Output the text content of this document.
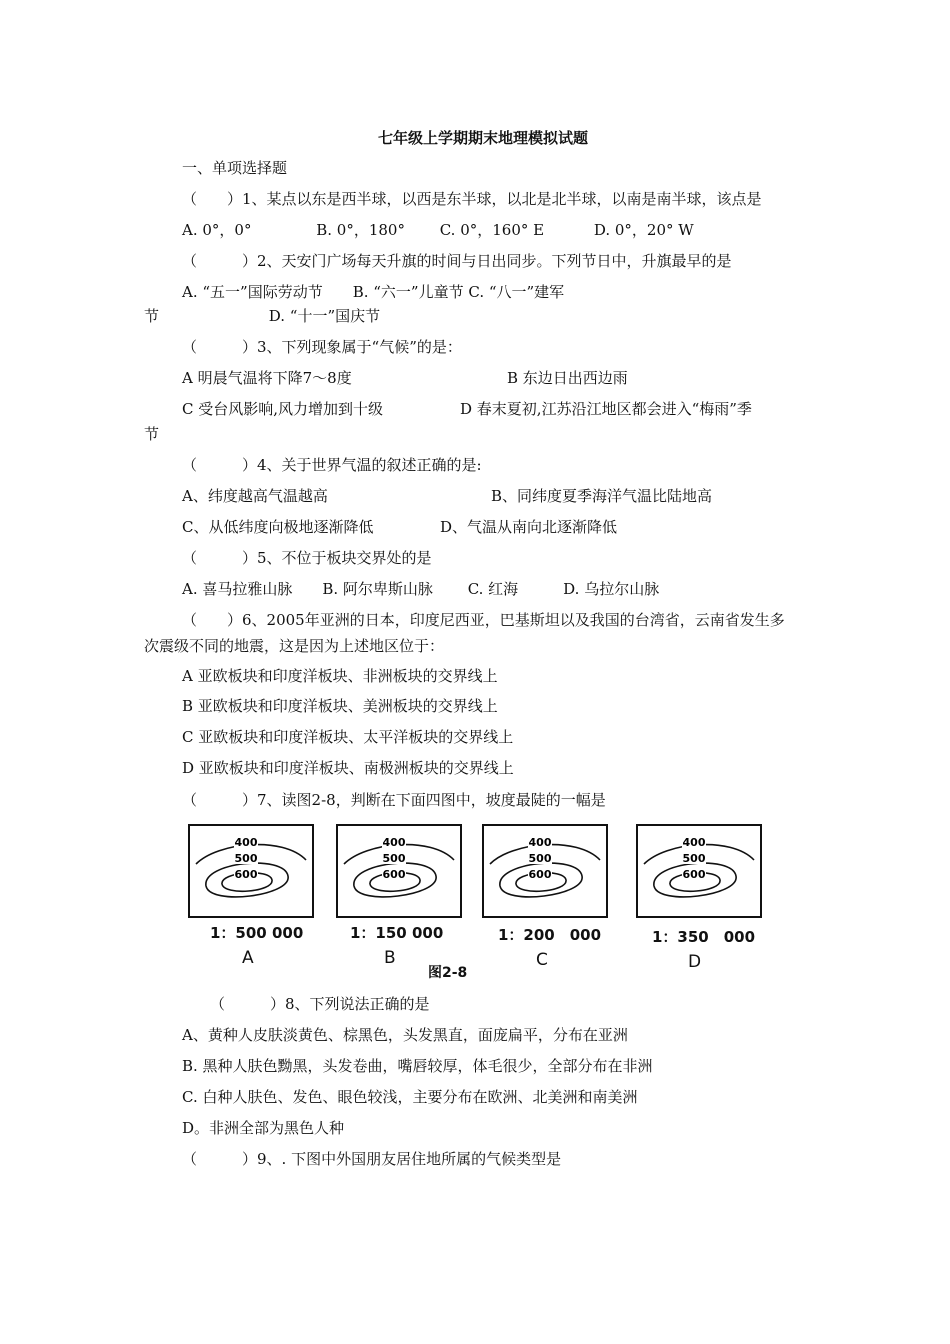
七年级上学期期末地理模拟试题
一、单项选择题
（　　）1、某点以东是西半球，以西是东半球，以北是北半球，以南是南半球，该点是
A. 0°，0°　　　　 B. 0°，180°　　 C. 0°，160° E　　　 D. 0°，20° W
（　　　）2、天安门广场每天升旗的时间与日出同步。下列节日中，升旗最早的是
A. “五一”国际劳动节　　B. “六一”儿童节 C. “八一”建军
节　　　　　　　 D. “十一”国庆节
（　　　）3、下列现象属于“气候”的是：
A 明晨气温将下降7～8度	B 东边日出西边雨
C 受台风影响,风力增加到十级	D 春末夏初,江苏沿江地区都会进入“梅雨”季
节
（　　　）4、关于世界气温的叙述正确的是:
A、纬度越高气温越高	B、同纬度夏季海洋气温比陆地高
C、从低纬度向极地逐渐降低	D、气温从南向北逐渐降低
（　　　）5、不位于板块交界处的是
A. 喜马拉雅山脉　　B. 阿尔卑斯山脉　　 C. 红海　　　D. 乌拉尔山脉
（　　）6、2005年亚洲的日本，印度尼西亚，巴基斯坦以及我国的台湾省，云南省发生多
次震级不同的地震，这是因为上述地区位于：
A 亚欧板块和印度洋板块、非洲板块的交界线上
B 亚欧板块和印度洋板块、美洲板块的交界线上
C 亚欧板块和印度洋板块、太平洋板块的交界线上
D 亚欧板块和印度洋板块、南极洲板块的交界线上
（　　　）7、读图2-8，判断在下面四图中，坡度最陡的一幅是
400
500
600
400
500
600
400
500
600
400
500
600
1：500 000	1：150 000	1：200　000	1：350　000
A	B	C	D
图2-8
（　　　）8、下列说法正确的是
A、黄种人皮肤淡黄色、棕黑色，头发黑直，面庞扁平，分布在亚洲
B. 黑种人肤色黝黑，头发卷曲，嘴唇较厚，体毛很少，全部分布在非洲
C. 白种人肤色、发色、眼色较浅，主要分布在欧洲、北美洲和南美洲
D。非洲全部为黑色人种
（　　　）9、. 下图中外国朋友居住地所属的气候类型是
